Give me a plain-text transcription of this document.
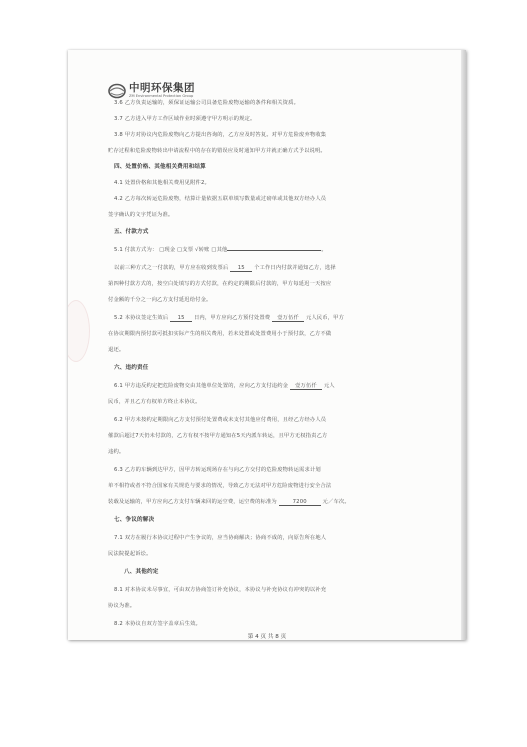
中明环保集团
ZM Environmental Protection Group
3.6 乙方负责运输的，须保证运输公司具备危险废物运输的条件和相关资质。
3.7 乙方进入甲方工作区域作业时须遵守甲方明示的规定。
3.8 甲方对协议内危险废物向乙方提出咨询的，乙方应及时答复。对甲方危险废弃物收集
贮存过程和危险废物转出申请流程中的存在的错误应及时通知甲方并就正确方式予以说明。
四、处置价格、其他相关费用和结算
4.1 处置价格和其他相关费用见附件2。
4.2 乙方每次转运危险废物，结算计量依据五联单填写数量或过磅单或其他双方经办人员
签字确认的文字凭证为准。
五、付款方式
5.1 付款方式为： □现金 □支票 √转账 □其他	。
以前三种方式之一付款的，甲方应在收到发票后 15 个工作日内付款并通知乙方，选择
第四种付款方式的，按空白处填写的方式付款，在约定的期限后付款的，甲方每延迟一天按应
付金额的千分之一向乙方支付延迟给付金。
5.2 本协议签定生效后 15 日内，甲方应向乙方预付处置费 壹万伍仟 元人民币，甲方
在协议期限内预付款可抵扣实际产生的相关费用，若未处置或处置费用小于预付款，乙方不做
退还。
六、违约责任
6.1 甲方违反约定把危险废物交由其他单位处置的，应向乙方支付违约金 壹万伍仟 元人
民币，并且乙方有权单方终止本协议。
6.2 甲方未按约定期限向乙方支付预付处置费或未支付其他应付费用，且经乙方经办人员
催款后超过7天仍未付款的，乙方有权不按甲方通知在5天内派车转运，且甲方无权指责乙方
违约。
6.3 乙方的车辆到达甲方，因甲方转运现场存在与向乙方交付的危险废物转运需求计划
单不相符或者不符合国家有关规范与要求的情况，导致乙方无法对甲方危险废物进行安全合法
装载及运输的，甲方应向乙方支付车辆来回的运空费，运空费的标准为	7200	元／车次。
七、争议的解决
7.1 双方在履行本协议过程中产生争议的，应当协商解决；协商不成的，向原告所在地人
民法院提起诉讼。
八、其他约定
8.1 对本协议未尽事宜，可由双方协商签订补充协议，本协议与补充协议有冲突的以补充
协议为准。
8.2 本协议自双方签字盖章后生效。
第 4 页 共 8 页
